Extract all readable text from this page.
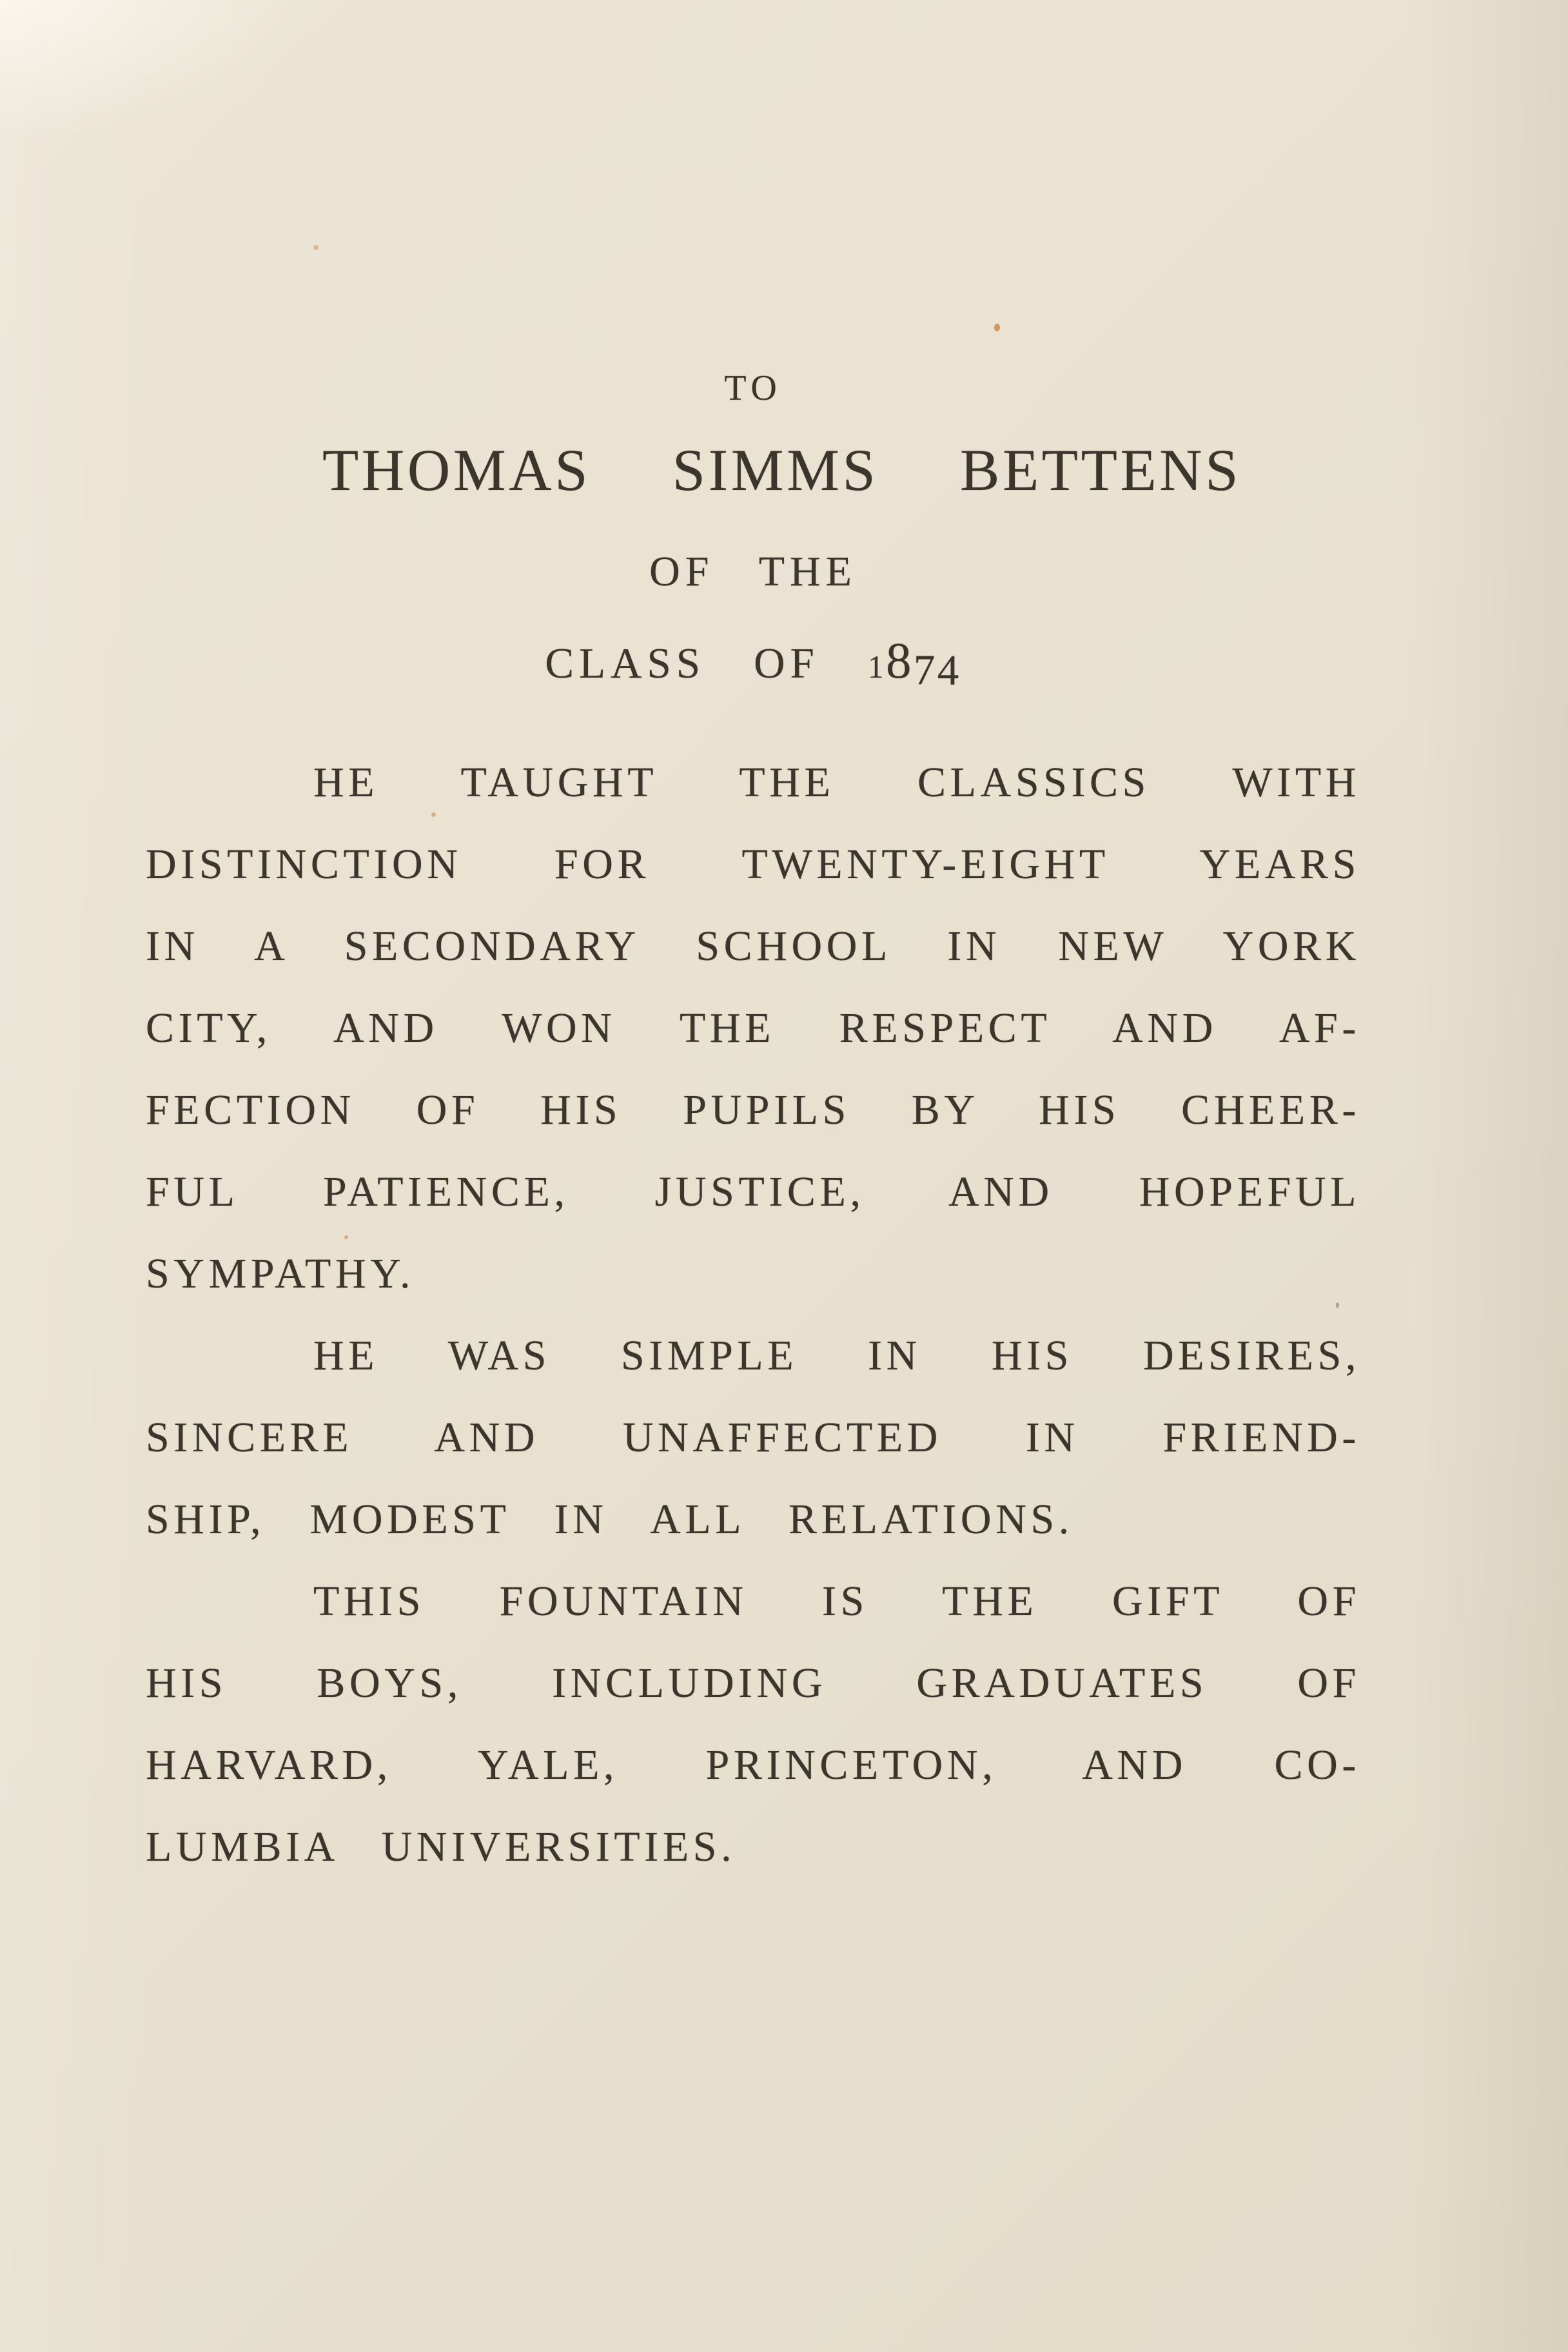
TO
THOMAS SIMMS BETTENS
OF THE
CLASS OF 1874
HE TAUGHT THE CLASSICS WITH
DISTINCTION FOR TWENTY-EIGHT YEARS
IN A SECONDARY SCHOOL IN NEW YORK
CITY, AND WON THE RESPECT AND AF-
FECTION OF HIS PUPILS BY HIS CHEER-
FUL PATIENCE, JUSTICE, AND HOPEFUL
SYMPATHY.
HE WAS SIMPLE IN HIS DESIRES,
SINCERE AND UNAFFECTED IN FRIEND-
SHIP, MODEST IN ALL RELATIONS.
THIS FOUNTAIN IS THE GIFT OF
HIS BOYS, INCLUDING GRADUATES OF
HARVARD, YALE, PRINCETON, AND CO-
LUMBIA UNIVERSITIES.
